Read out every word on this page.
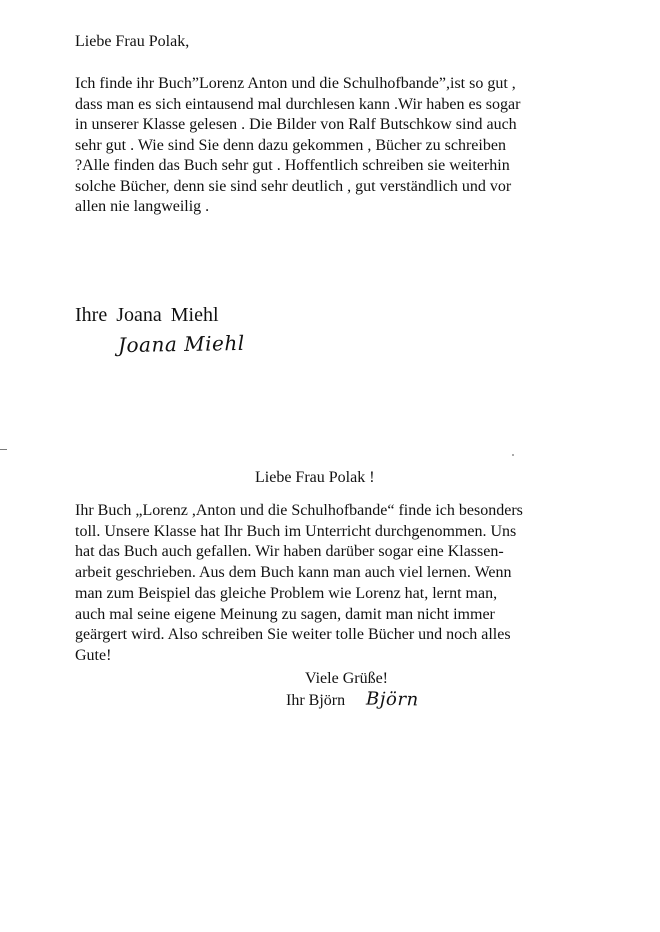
Liebe Frau Polak,
Ich finde ihr Buch”Lorenz Anton und die Schulhofbande”,ist so gut ,
dass man es sich eintausend mal durchlesen kann .Wir haben es sogar
in unserer Klasse gelesen . Die Bilder von Ralf Butschkow sind auch
sehr gut . Wie sind Sie denn dazu gekommen , Bücher zu schreiben
?Alle finden das Buch sehr gut . Hoffentlich schreiben sie weiterhin
solche Bücher, denn sie sind sehr deutlich , gut verständlich und vor
allen nie langweilig .
Ihre Joana Miehl
Joana Miehl
Liebe Frau Polak !
Ihr Buch „Lorenz ,Anton und die Schulhofbande“ finde ich besonders
toll. Unsere Klasse hat Ihr Buch im Unterricht durchgenommen. Uns
hat das Buch auch gefallen. Wir haben darüber sogar eine Klassen-
arbeit geschrieben. Aus dem Buch kann man auch viel lernen. Wenn
man zum Beispiel das gleiche Problem wie Lorenz hat, lernt man,
auch mal seine eigene Meinung zu sagen, damit man nicht immer
geärgert wird. Also schreiben Sie weiter tolle Bücher und noch alles
Gute!
Viele Grüße!
Ihr Björn Björn
